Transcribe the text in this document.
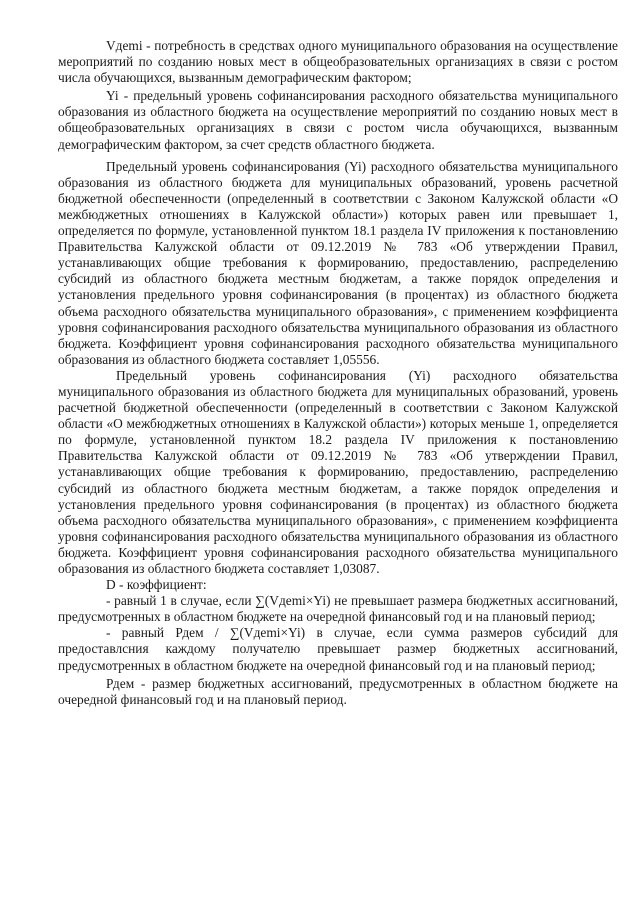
Vдеmi - потребность в средствах одного муниципального образования на осуществление мероприятий по созданию новых мест в общеобразовательных организациях в связи с ростом числа обучающихся, вызванным демографическим фактором;

Yi - предельный уровень софинансирования расходного обязательства муниципального образования из областного бюджета на осуществление мероприятий по созданию новых мест в общеобразовательных организациях в связи с ростом числа обучающихся, вызванным демографическим фактором, за счет средств областного бюджета.

Предельный уровень софинансирования (Yi) расходного обязательства муниципального образования из областного бюджета для муниципальных образований, уровень расчетной бюджетной обеспеченности (определенный в соответствии с Законом Калужской области «О межбюджетных отношениях в Калужской области») которых равен или превышает 1, определяется по формуле, установленной пунктом 18.1 раздела IV приложения к постановлению Правительства Калужской области от 09.12.2019 № 783 «Об утверждении Правил, устанавливающих общие требования к формированию, предоставлению, распределению субсидий из областного бюджета местным бюджетам, а также порядок определения и установления предельного уровня софинансирования (в процентах) из областного бюджета объема расходного обязательства муниципального образования», с применением коэффициента уровня софинансирования расходного обязательства муниципального образования из областного бюджета. Коэффициент уровня софинансирования расходного обязательства муниципального образования из областного бюджета составляет 1,05556.

Предельный уровень софинансирования (Yi) расходного обязательства муниципального образования из областного бюджета для муниципальных образований, уровень расчетной бюджетной обеспеченности (определенный в соответствии с Законом Калужской области «О межбюджетных отношениях в Калужской области») которых меньше 1, определяется по формуле, установленной пунктом 18.2 раздела IV приложения к постановлению Правительства Калужской области от 09.12.2019 № 783 «Об утверждении Правил, устанавливающих общие требования к формированию, предоставлению, распределению субсидий из областного бюджета местным бюджетам, а также порядок определения и установления предельного уровня софинансирования (в процентах) из областного бюджета объема расходного обязательства муниципального образования», с применением коэффициента уровня софинансирования расходного обязательства муниципального образования из областного бюджета. Коэффициент уровня софинансирования расходного обязательства муниципального образования из областного бюджета составляет 1,03087.

D - коэффициент:

- равный 1 в случае, если ∑(Vдеmi×Yi) не превышает размера бюджетных ассигнований, предусмотренных в областном бюджете на очередной финансовый год и на плановый период;

- равный Рдем / ∑(Vдеmi×Yi) в случае, если сумма размеров субсидий для предоставлсния каждому получателю превышает размер бюджетных ассигнований, предусмотренных в областном бюджете на очередной финансовый год и на плановый период;

Рдем - размер бюджетных ассигнований, предусмотренных в областном бюджете на очередной финансовый год и на плановый период.
